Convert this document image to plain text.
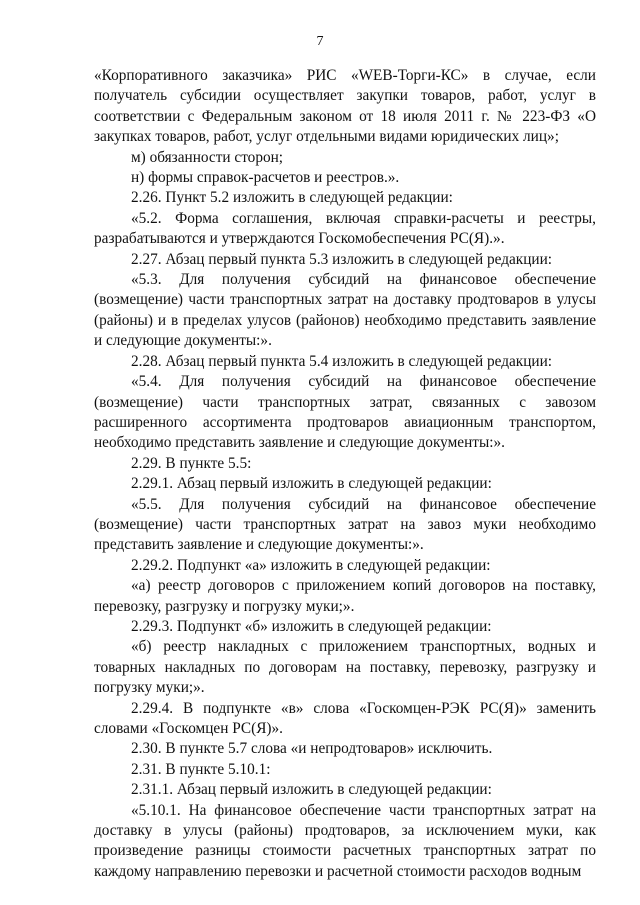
7

«Корпоративного заказчика» РИС «WEB-Торги-КС» в случае, если получатель субсидии осуществляет закупки товаров, работ, услуг в соответствии с Федеральным законом от 18 июля 2011 г. № 223-ФЗ «О закупках товаров, работ, услуг отдельными видами юридических лиц»;

м) обязанности сторон;

н) формы справок-расчетов и реестров.».

2.26. Пункт 5.2 изложить в следующей редакции:

«5.2. Форма соглашения, включая справки-расчеты и реестры, разрабатываются и утверждаются Госкомобеспечения РС(Я).».

2.27. Абзац первый пункта 5.3 изложить в следующей редакции:

«5.3. Для получения субсидий на финансовое обеспечение (возмещение) части транспортных затрат на доставку продтоваров в улусы (районы) и в пределах улусов (районов) необходимо представить заявление и следующие документы:».

2.28. Абзац первый пункта 5.4 изложить в следующей редакции:

«5.4. Для получения субсидий на финансовое обеспечение (возмещение) части транспортных затрат, связанных с завозом расширенного ассортимента продтоваров авиационным транспортом, необходимо представить заявление и следующие документы:».

2.29. В пункте 5.5:

2.29.1. Абзац первый изложить в следующей редакции:

«5.5. Для получения субсидий на финансовое обеспечение (возмещение) части транспортных затрат на завоз муки необходимо представить заявление и следующие документы:».

2.29.2. Подпункт «а» изложить в следующей редакции:

«а) реестр договоров с приложением копий договоров на поставку, перевозку, разгрузку и погрузку муки;».

2.29.3. Подпункт «б» изложить в следующей редакции:

«б) реестр накладных с приложением транспортных, водных и товарных накладных по договорам на поставку, перевозку, разгрузку и погрузку муки;».

2.29.4. В подпункте «в» слова «Госкомцен-РЭК РС(Я)» заменить словами «Госкомцен РС(Я)».

2.30. В пункте 5.7 слова «и непродтоваров» исключить.

2.31. В пункте 5.10.1:

2.31.1. Абзац первый изложить в следующей редакции:

«5.10.1. На финансовое обеспечение части транспортных затрат на доставку в улусы (районы) продтоваров, за исключением муки, как произведение разницы стоимости расчетных транспортных затрат по каждому направлению перевозки и расчетной стоимости расходов водным
